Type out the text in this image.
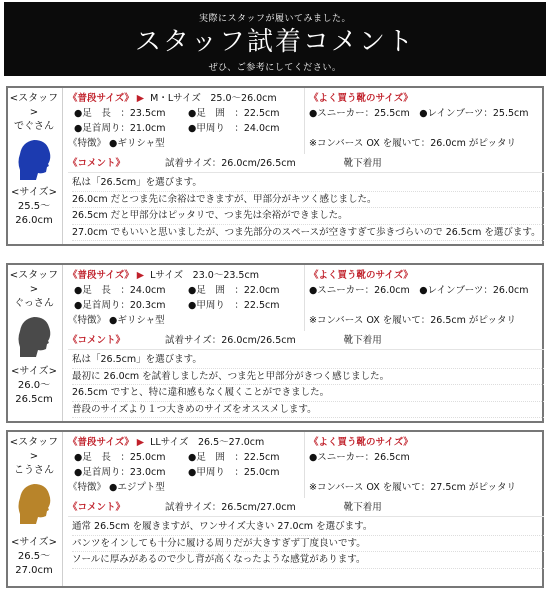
実際にスタッフが履いてみました。
スタッフ試着コメント
ぜひ、ご参考にしてください。
<スタッフ>
でぐさん
<サイズ>
25.5～
26.0cm
《普段サイズ》 ▶ M・Lサイズ　25.0～26.0cm
●足　長　：23.5cm ●足　囲　：22.5cm
●足首周り：21.0cm ●甲周り　：24.0cm
《特徴》 ●ギリシャ型
《よく買う靴のサイズ》
●スニーカー：25.5cm　●レインブーツ：25.5cm
※コンバース OX を履いて：26.0cm がピッタリ
《コメント》	試着サイズ：26.0cm/26.5cm	靴下着用
私は「26.5cm」を選びます。
26.0cm だとつま先に余裕はできますが、甲部分がキツく感じました。
26.5cm だと甲部分はピッタリで、つま先は余裕ができました。
27.0cm でもいいと思いましたが、つま先部分のスペースが空きすぎて歩きづらいので 26.5cm を選びます。
<スタッフ>
ぐっさん
<サイズ>
26.0～
26.5cm
《普段サイズ》 ▶ Lサイズ　23.0～23.5cm
●足　長　：24.0cm ●足　囲　：22.0cm
●足首周り：20.3cm ●甲周り　：22.5cm
《特徴》 ●ギリシャ型
《よく買う靴のサイズ》
●スニーカー：26.0cm　●レインブーツ：26.0cm
※コンバース OX を履いて：26.5cm がピッタリ
《コメント》	試着サイズ：26.0cm/26.5cm	靴下着用
私は「26.5cm」を選びます。
最初に 26.0cm を試着しましたが、つま先と甲部分がきつく感じました。
26.5cm ですと、特に違和感もなく履くことができました。
普段のサイズより１つ大きめのサイズをオススメします。
<スタッフ>
こうさん
<サイズ>
26.5～
27.0cm
《普段サイズ》 ▶ LLサイズ　26.5～27.0cm
●足　長　：25.0cm ●足　囲　：22.5cm
●足首周り：23.0cm ●甲周り　：25.0cm
《特徴》 ●エジプト型
《よく買う靴のサイズ》
●スニーカー：26.5cm
※コンバース OX を履いて：27.5cm がピッタリ
《コメント》	試着サイズ：26.5cm/27.0cm	靴下着用
通常 26.5cm を履きますが、ワンサイズ大きい 27.0cm を選びます。
パンツをインしても十分に履ける周りだが大きすぎず丁度良いです。
ソールに厚みがあるので少し背が高くなったような感覚があります。
